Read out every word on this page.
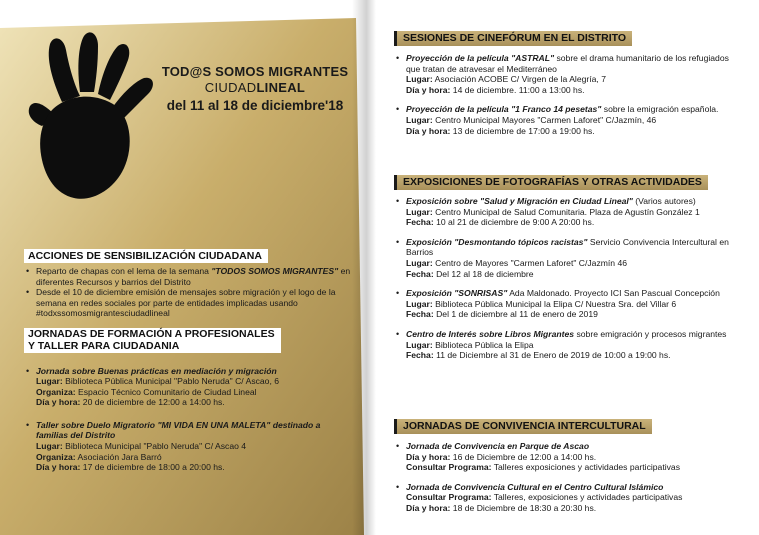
TOD@S SOMOS MIGRANTES
CIUDADLINEAL
del 11 al 18 de diciembre'18
ACCIONES DE SENSIBILIZACIÓN CIUDADANA
• Reparto de chapas con el lema de la semana "TODOS SOMOS MIGRANTES" en diferentes Recursos y barrios del Distrito
• Desde el 10 de diciembre emisión de mensajes sobre migración y el logo de la semana en redes sociales por parte de entidades implicadas usando #todxssomosmigrantesciudadlineal
JORNADAS DE FORMACIÓN A PROFESIONALES
Y TALLER PARA CIUDADANIA
• Jornada sobre Buenas prácticas en mediación y migración
Lugar: Biblioteca Pública Municipal "Pablo Neruda" C/ Ascao, 6
Organiza: Espacio Técnico Comunitario de Ciudad Lineal
Día y hora: 20 de diciembre de 12:00 a 14:00 hs.
• Taller sobre Duelo Migratorio "MI VIDA EN UNA MALETA" destinado a familias del Distrito
Lugar: Biblioteca Municipal "Pablo Neruda" C/ Ascao 4
Organiza: Asociación Jara Barró
Día y hora: 17 de diciembre de 18:00 a 20:00 hs.
SESIONES DE CINEFÓRUM EN EL DISTRITO
• Proyección de la película "ASTRAL" sobre el drama humanitario de los refugiados que tratan de atravesar el Mediterráneo
Lugar: Asociación ACOBE C/ Virgen de la Alegría, 7
Día y hora: 14 de diciembre. 11:00 a 13:00 hs.
• Proyección de la película "1 Franco 14 pesetas" sobre la emigración española.
Lugar: Centro Municipal Mayores "Carmen Laforet" C/Jazmín, 46
Día y hora: 13 de diciembre de 17:00 a 19:00 hs.
EXPOSICIONES DE FOTOGRAFÍAS Y OTRAS ACTIVIDADES
• Exposición sobre "Salud y Migración en Ciudad Lineal" (Varios autores)
Lugar: Centro Municipal de Salud Comunitaria. Plaza de Agustín González 1
Fecha: 10 al 21 de diciembre de 9:00 A 20:00 hs.
• Exposición "Desmontando tópicos racistas" Servicio Convivencia Intercultural en Barrios
Lugar: Centro de Mayores "Carmen Laforet" C/Jazmín 46
Fecha: Del 12 al 18 de diciembre
• Exposición "SONRISAS" Ada Maldonado. Proyecto ICI San Pascual Concepción
Lugar: Biblioteca Pública Municipal la Elipa C/ Nuestra Sra. del Villar 6
Fecha: Del 1 de diciembre al 11 de enero de 2019
• Centro de Interés sobre Libros Migrantes sobre emigración y procesos migrantes
Lugar: Biblioteca Pública la Elipa
Fecha: 11 de Diciembre al 31 de Enero de 2019 de 10:00 a 19:00 hs.
JORNADAS DE CONVIVENCIA INTERCULTURAL
• Jornada de Convivencia en Parque de Ascao
Día y hora: 16 de Diciembre de 12:00 a 14:00 hs.
Consultar Programa: Talleres exposiciones y actividades participativas
• Jornada de Convivencia Cultural en el Centro Cultural Islámico
Consultar Programa: Talleres, exposiciones y actividades participativas
Día y hora: 18 de Diciembre de 18:30 a 20:30 hs.
